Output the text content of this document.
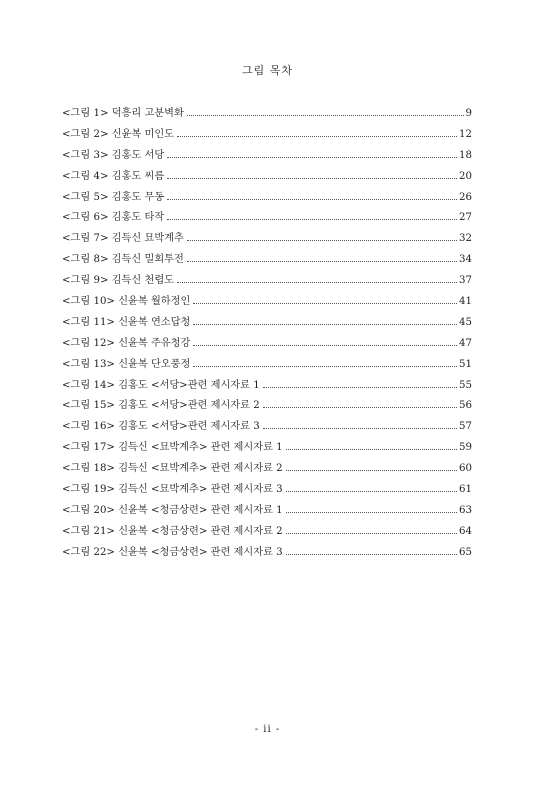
그림 목차
<그림 1> 덕흥리 고분벽화	9
<그림 2> 신윤복 미인도	12
<그림 3> 김홍도 서당	18
<그림 4> 김홍도 씨름	20
<그림 5> 김홍도 무동	26
<그림 6> 김홍도 타작	27
<그림 7> 김득신 묘박계추	32
<그림 8> 김득신 밀회투전	34
<그림 9> 김득신 천렵도	37
<그림 10> 신윤복 월하정인	41
<그림 11> 신윤복 연소답청	45
<그림 12> 신윤복 주유청강	47
<그림 13> 신윤복 단오풍정	51
<그림 14> 김홍도 <서당>관련 제시자료 1	55
<그림 15> 김홍도 <서당>관련 제시자료 2	56
<그림 16> 김홍도 <서당>관련 제시자료 3	57
<그림 17> 김득신 <묘박계추> 관련 제시자료 1	59
<그림 18> 김득신 <묘박계추> 관련 제시자료 2	60
<그림 19> 김득신 <묘박계추> 관련 제시자료 3	61
<그림 20> 신윤복 <청금상련> 관련 제시자료 1	63
<그림 21> 신윤복 <청금상련> 관련 제시자료 2	64
<그림 22> 신윤복 <청금상련> 관련 제시자료 3	65
- ii -
